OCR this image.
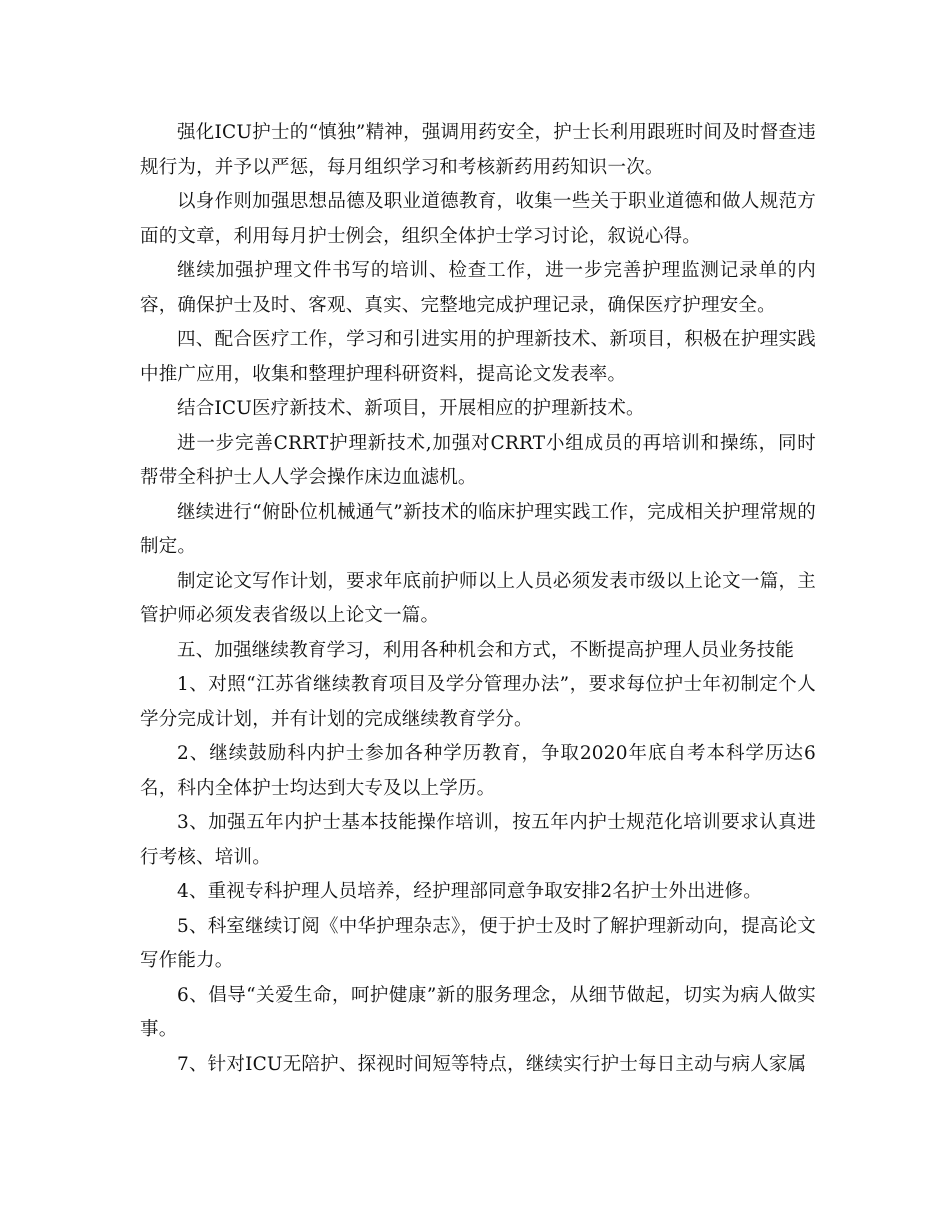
强化ICU护士的“慎独”精神，强调用药安全，护士长利用跟班时间及时督查违规行为，并予以严惩，每月组织学习和考核新药用药知识一次。

以身作则加强思想品德及职业道德教育，收集一些关于职业道德和做人规范方面的文章，利用每月护士例会，组织全体护士学习讨论，叙说心得。

继续加强护理文件书写的培训、检查工作，进一步完善护理监测记录单的内容，确保护士及时、客观、真实、完整地完成护理记录，确保医疗护理安全。

四、配合医疗工作，学习和引进实用的护理新技术、新项目，积极在护理实践中推广应用，收集和整理护理科研资料，提高论文发表率。

结合ICU医疗新技术、新项目，开展相应的护理新技术。

进一步完善CRRT护理新技术,加强对CRRT小组成员的再培训和操练，同时帮带全科护士人人学会操作床边血滤机。

继续进行“俯卧位机械通气”新技术的临床护理实践工作，完成相关护理常规的制定。

制定论文写作计划，要求年底前护师以上人员必须发表市级以上论文一篇，主管护师必须发表省级以上论文一篇。

五、加强继续教育学习，利用各种机会和方式，不断提高护理人员业务技能

1、对照“江苏省继续教育项目及学分管理办法”，要求每位护士年初制定个人学分完成计划，并有计划的完成继续教育学分。

2、继续鼓励科内护士参加各种学历教育，争取2020年底自考本科学历达6名，科内全体护士均达到大专及以上学历。

3、加强五年内护士基本技能操作培训，按五年内护士规范化培训要求认真进行考核、培训。

4、重视专科护理人员培养，经护理部同意争取安排2名护士外出进修。

5、科室继续订阅《中华护理杂志》，便于护士及时了解护理新动向，提高论文写作能力。

6、倡导“关爱生命，呵护健康”新的服务理念，从细节做起，切实为病人做实事。

7、针对ICU无陪护、探视时间短等特点，继续实行护士每日主动与病人家属
